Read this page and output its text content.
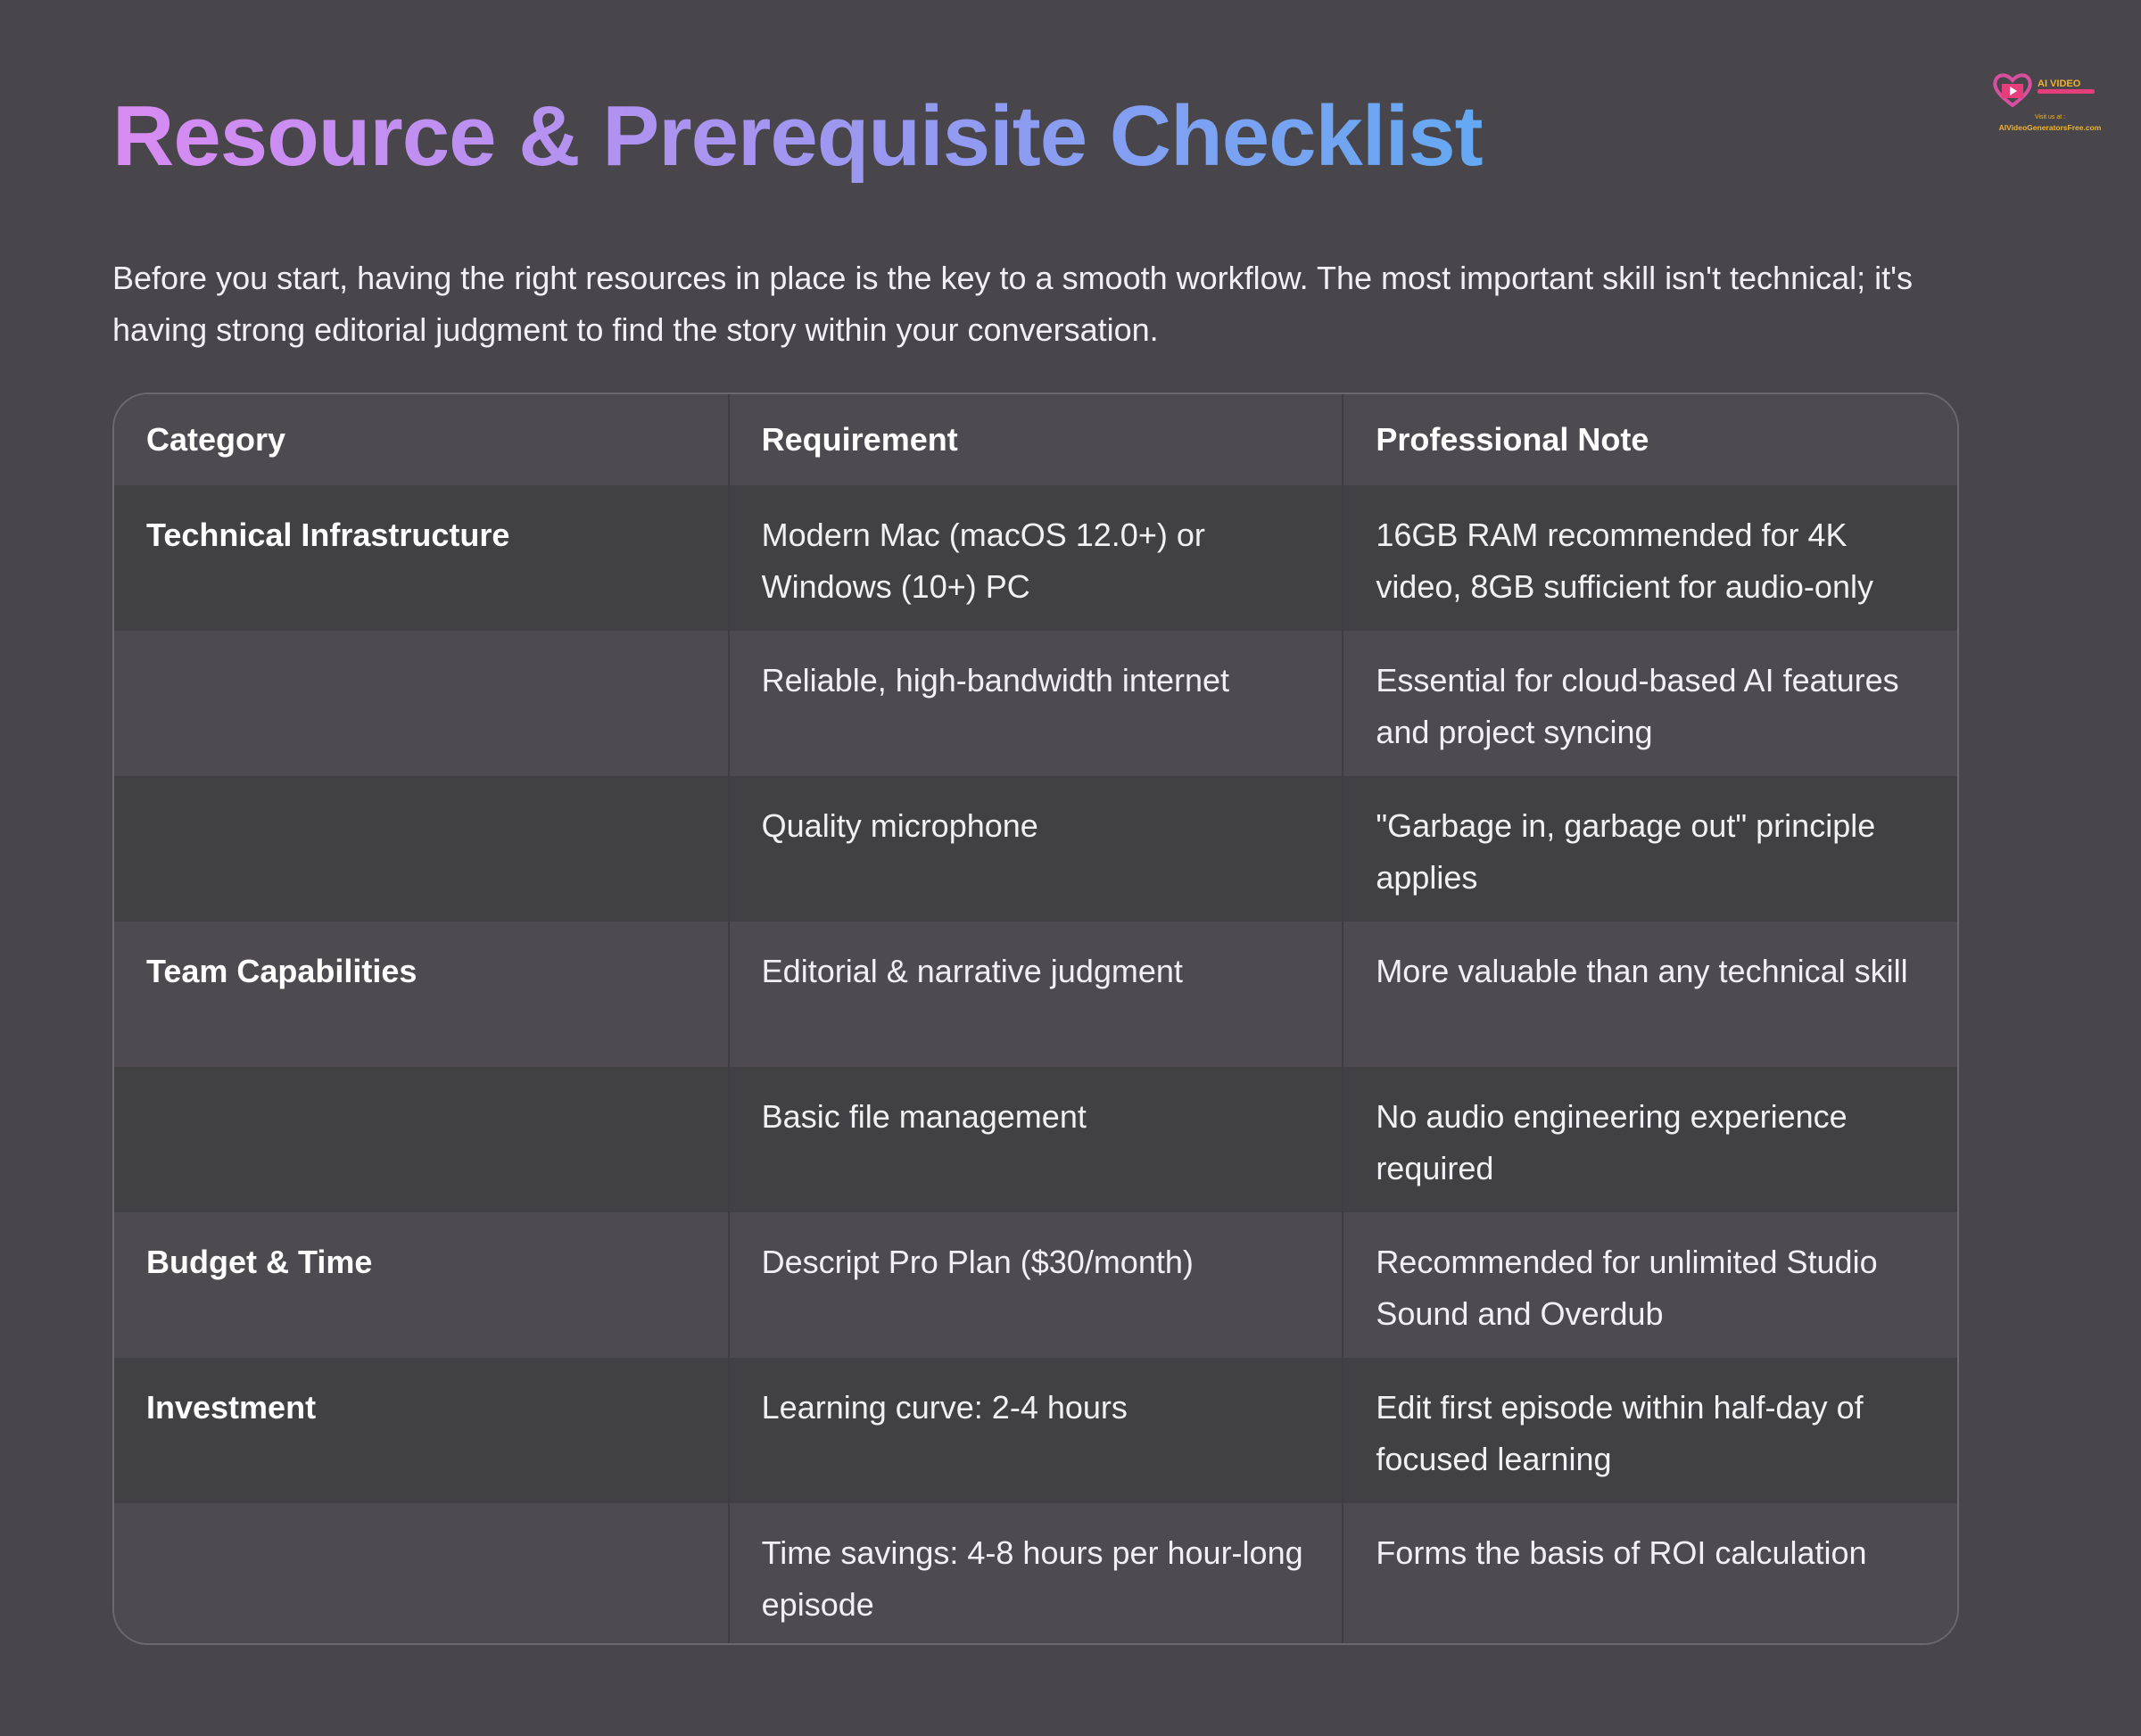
Resource & Prerequisite Checklist

Before you start, having the right resources in place is the key to a smooth workflow. The most important skill isn't technical; it's having strong editorial judgment to find the story within your conversation.

AI VIDEO
Visit us at :
AIVideoGeneratorsFree.com
Category	Requirement	Professional Note
Technical Infrastructure	Modern Mac (macOS 12.0+) or Windows (10+) PC	16GB RAM recommended for 4K video, 8GB sufficient for audio-only
	Reliable, high-bandwidth internet	Essential for cloud-based AI features and project syncing
	Quality microphone	"Garbage in, garbage out" principle applies
Team Capabilities	Editorial & narrative judgment	More valuable than any technical skill
	Basic file management	No audio engineering experience required
Budget & Time	Descript Pro Plan ($30/month)	Recommended for unlimited Studio Sound and Overdub
Investment	Learning curve: 2-4 hours	Edit first episode within half-day of focused learning
	Time savings: 4-8 hours per hour-long episode	Forms the basis of ROI calculation
